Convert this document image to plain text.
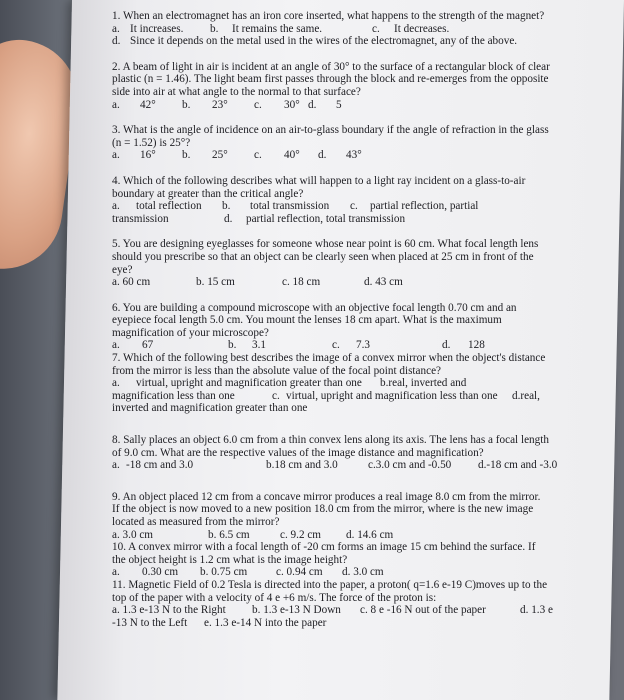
1. When an electromagnet has an iron core inserted, what happens to the strength of the magnet?
a. It increases. b. It remains the same.	c. It decreases.
d. Since it depends on the metal used in the wires of the electromagnet, any of the above.
2. A beam of light in air is incident at an angle of 30° to the surface of a rectangular block of clear
plastic (n = 1.46). The light beam first passes through the block and re-emerges from the opposite
side into air at what angle to the normal to that surface?
a. 42° b. 23° c. 30° d. 5
3. What is the angle of incidence on an air-to-glass boundary if the angle of refraction in the glass
(n = 1.52) is 25°?
a. 16° b. 25° c. 40° d. 43°
4. Which of the following describes what will happen to a light ray incident on a glass-to-air
boundary at greater than the critical angle?
a. total reflection b. total transmission c. partial reflection, partial
transmission	d. partial reflection, total transmission
5. You are designing eyeglasses for someone whose near point is 60 cm. What focal length lens
should you prescribe so that an object can be clearly seen when placed at 25 cm in front of the
eye?
a. 60 cm	b. 15 cm	c. 18 cm	d. 43 cm
6. You are building a compound microscope with an objective focal length 0.70 cm and an
eyepiece focal length 5.0 cm. You mount the lenses 18 cm apart. What is the maximum
magnification of your microscope?
a. 67	b. 3.1	c. 7.3	d. 128
7. Which of the following best describes the image of a convex mirror when the object's distance
from the mirror is less than the absolute value of the focal point distance?
a. virtual, upright and magnification greater than one b.real, inverted and
magnification less than one	c. virtual, upright and magnification less than one d.real,
inverted and magnification greater than one
8. Sally places an object 6.0 cm from a thin convex lens along its axis. The lens has a focal length
of 9.0 cm. What are the respective values of the image distance and magnification?
a. -18 cm and 3.0	b.18 cm and 3.0	c.3.0 cm and -0.50 d.-18 cm and -3.0
9. An object placed 12 cm from a concave mirror produces a real image 8.0 cm from the mirror.
If the object is now moved to a new position 18.0 cm from the mirror, where is the new image
located as measured from the mirror?
a. 3.0 cm	b. 6.5 cm	c. 9.2 cm d. 14.6 cm
10. A convex mirror with a focal length of -20 cm forms an image 15 cm behind the surface. If
the object height is 1.2 cm what is the image height?
a. 0.30 cm b. 0.75 cm	c. 0.94 cm d. 3.0 cm
11. Magnetic Field of 0.2 Tesla is directed into the paper, a proton( q=1.6 e-19 C)moves up to the
top of the paper with a velocity of 4 e +6 m/s. The force of the proton is:
a. 1.3 e-13 N to the Right b. 1.3 e-13 N Down c. 8 e -16 N out of the paper	d. 1.3 e
-13 N to the Left e. 1.3 e-14 N into the paper
